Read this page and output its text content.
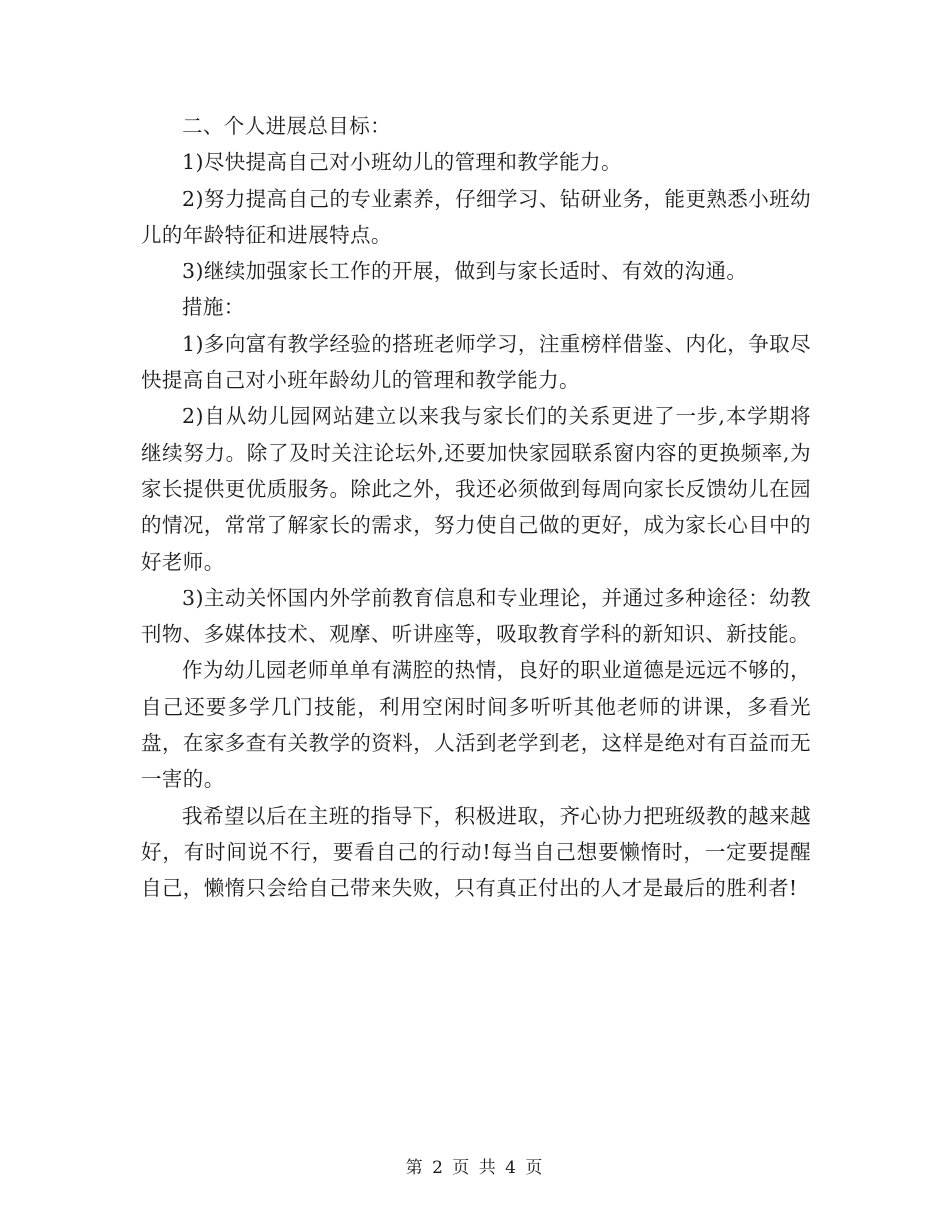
二、个人进展总目标：

1)尽快提高自己对小班幼儿的管理和教学能力。

2)努力提高自己的专业素养，仔细学习、钻研业务，能更熟悉小班幼儿的年龄特征和进展特点。

3)继续加强家长工作的开展，做到与家长适时、有效的沟通。

措施：

1)多向富有教学经验的搭班老师学习，注重榜样借鉴、内化，争取尽快提高自己对小班年龄幼儿的管理和教学能力。

2)自从幼儿园网站建立以来我与家长们的关系更进了一步,本学期将继续努力。除了及时关注论坛外,还要加快家园联系窗内容的更换频率,为家长提供更优质服务。除此之外，我还必须做到每周向家长反馈幼儿在园的情况，常常了解家长的需求，努力使自己做的更好，成为家长心目中的好老师。

3)主动关怀国内外学前教育信息和专业理论，并通过多种途径：幼教刊物、多媒体技术、观摩、听讲座等，吸取教育学科的新知识、新技能。

作为幼儿园老师单单有满腔的热情，良好的职业道德是远远不够的，自己还要多学几门技能，利用空闲时间多听听其他老师的讲课，多看光盘，在家多查有关教学的资料，人活到老学到老，这样是绝对有百益而无一害的。

我希望以后在主班的指导下，积极进取，齐心协力把班级教的越来越好，有时间说不行，要看自己的行动!每当自己想要懒惰时，一定要提醒自己，懒惰只会给自己带来失败，只有真正付出的人才是最后的胜利者!

第 2 页 共 4 页
